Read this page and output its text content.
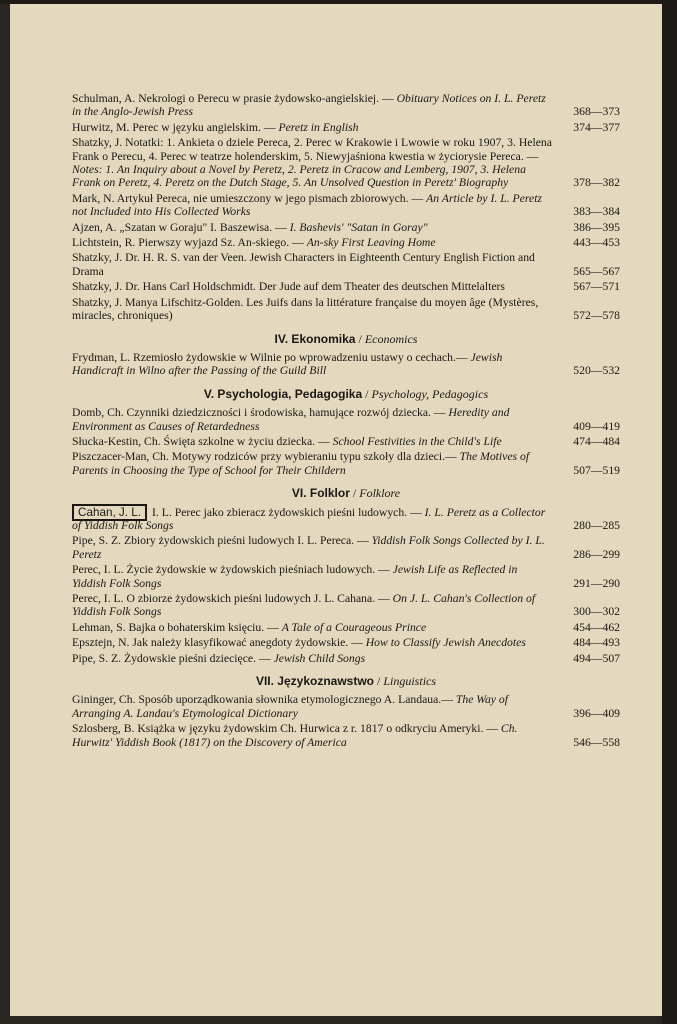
Schulman, A. Nekrologi o Perecu w prasie żydowsko-angielskiej. — Obituary Notices on I. L. Peretz in the Anglo-Jewish Press	368—373
Hurwitz, M. Perec w języku angielskim. — Peretz in English	374—377
Shatzky, J. Notatki: 1. Ankieta o dziele Pereca, 2. Perec w Krakowie i Lwowie w roku 1907, 3. Helena Frank o Perecu, 4. Perec w teatrze holenderskim, 5. Niewyjaśniona kwestia w życiorysie Pereca. — Notes: 1. An Inquiry about a Novel by Peretz, 2. Peretz in Cracow and Lemberg, 1907, 3. Helena Frank on Peretz, 4. Peretz on the Dutch Stage, 5. An Unsolved Question in Peretz' Biography	378—382
Mark, N. Artykuł Pereca, nie umieszczony w jego pismach zbiorowych. — An Article by I. L. Peretz not Included into His Collected Works	383—384
Ajzen, A. „Szatan w Goraju" I. Baszewisa. — I. Bashevis' "Satan in Goray"	386—395
Lichtstein, R. Pierwszy wyjazd Sz. An-skiego. — An-sky First Leaving Home	443—453
Shatzky, J. Dr. H. R. S. van der Veen. Jewish Characters in Eighteenth Century English Fiction and Drama	565—567
Shatzky, J. Dr. Hans Carl Holdschmidt. Der Jude auf dem Theater des deutschen Mittelalters	567—571
Shatzky, J. Manya Lifschitz-Golden. Les Juifs dans la littérature française du moyen âge (Mystères, miracles, chroniques)	572—578
IV. Ekonomika / Economics
Frydman, L. Rzemiosło żydowskie w Wilnie po wprowadzeniu ustawy o cechach.— Jewish Handicraft in Wilno after the Passing of the Guild Bill	520—532
V. Psychologia, Pedagogika / Psychology, Pedagogics
Domb, Ch. Czynniki dziedziczności i środowiska, hamujące rozwój dziecka. — Heredity and Environment as Causes of Retardedness	409—419
Słucka-Kestin, Ch. Święta szkolne w życiu dziecka. — School Festivities in the Child's Life	474—484
Piszczacer-Man, Ch. Motywy rodziców przy wybieraniu typu szkoły dla dzieci.— The Motives of Parents in Choosing the Type of School for Their Childern	507—519
VI. Folklor / Folklore
Cahan, J. L. I. L. Perec jako zbieracz żydowskich pieśni ludowych. — I. L. Peretz as a Collector of Yiddish Folk Songs	280—285
Pipe, S. Z. Zbiory żydowskich pieśni ludowych I. L. Pereca. — Yiddish Folk Songs Collected by I. L. Peretz	286—299
Perec, I. L. Życie żydowskie w żydowskich pieśniach ludowych. — Jewish Life as Reflected in Yiddish Folk Songs	291—290
Perec, I. L. O zbiorze żydowskich pieśni ludowych J. L. Cahana. — On J. L. Cahan's Collection of Yiddish Folk Songs	300—302
Lehman, S. Bajka o bohaterskim księciu. — A Tale of a Courageous Prince	454—462
Epsztejn, N. Jak należy klasyfikować anegdoty żydowskie. — How to Classify Jewish Anecdotes	484—493
Pipe, S. Z. Żydowskie pieśni dziecięce. — Jewish Child Songs	494—507
VII. Językoznawstwo / Linguistics
Gininger, Ch. Sposób uporządkowania słownika etymologicznego A. Landaua.— The Way of Arranging A. Landau's Etymological Dictionary	396—409
Szlosberg, B. Książka w języku żydowskim Ch. Hurwica z r. 1817 o odkryciu Ameryki. — Ch. Hurwitz' Yiddish Book (1817) on the Discovery of America	546—558
